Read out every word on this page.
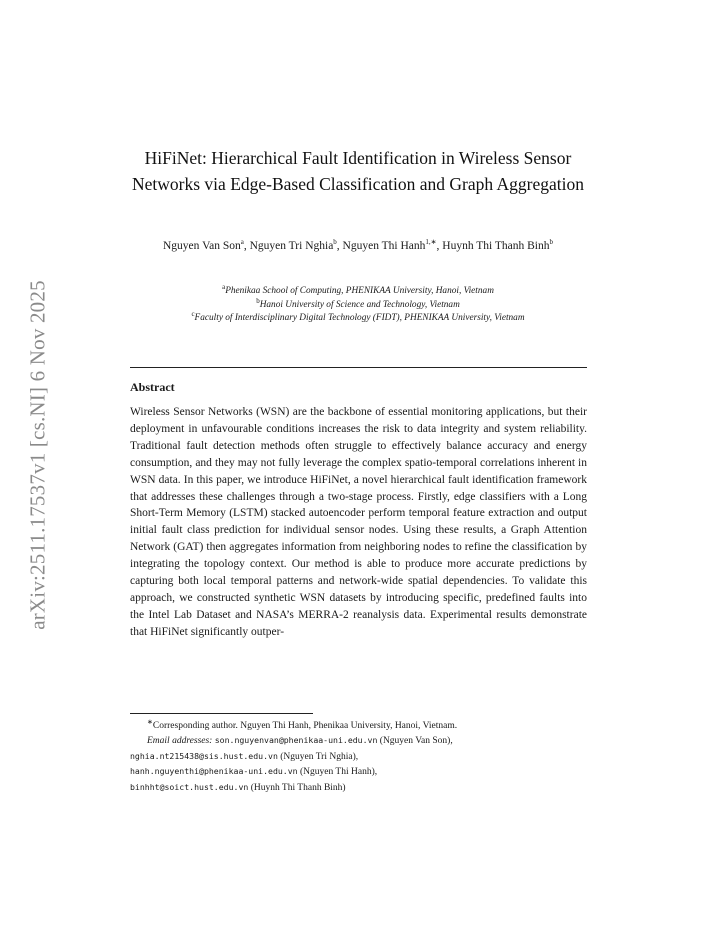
arXiv:2511.17537v1 [cs.NI] 6 Nov 2025
HiFiNet: Hierarchical Fault Identification in Wireless Sensor Networks via Edge-Based Classification and Graph Aggregation
Nguyen Van Son$^a$, Nguyen Tri Nghia$^b$, Nguyen Thi Hanh$^{1,∗}$, Huynh Thi Thanh Binh$^b$
$^a$Phenikaa School of Computing, PHENIKAA University, Hanoi, Vietnam
$^b$Hanoi University of Science and Technology, Vietnam
$^c$Faculty of Interdisciplinary Digital Technology (FIDT), PHENIKAA University, Vietnam
Abstract
Wireless Sensor Networks (WSN) are the backbone of essential monitoring applications, but their deployment in unfavourable conditions increases the risk to data integrity and system reliability. Traditional fault detection methods often struggle to effectively balance accuracy and energy consumption, and they may not fully leverage the complex spatio-temporal correlations inherent in WSN data. In this paper, we introduce HiFiNet, a novel hierarchical fault identification framework that addresses these challenges through a two-stage process. Firstly, edge classifiers with a Long Short-Term Memory (LSTM) stacked autoencoder perform temporal feature extraction and output initial fault class prediction for individual sensor nodes. Using these results, a Graph Attention Network (GAT) then aggregates information from neighboring nodes to refine the classification by integrating the topology context. Our method is able to produce more accurate predictions by capturing both local temporal patterns and network-wide spatial dependencies. To validate this approach, we constructed synthetic WSN datasets by introducing specific, predefined faults into the Intel Lab Dataset and NASA’s MERRA-2 reanalysis data. Experimental results demonstrate that HiFiNet significantly outper-
∗Corresponding author. Nguyen Thi Hanh, Phenikaa University, Hanoi, Vietnam.
Email addresses: son.nguyenvan@phenikaa-uni.edu.vn (Nguyen Van Son),
nghia.nt215438@sis.hust.edu.vn (Nguyen Tri Nghia),
hanh.nguyenthi@phenikaa-uni.edu.vn (Nguyen Thi Hanh),
binhht@soict.hust.edu.vn (Huynh Thi Thanh Binh)
